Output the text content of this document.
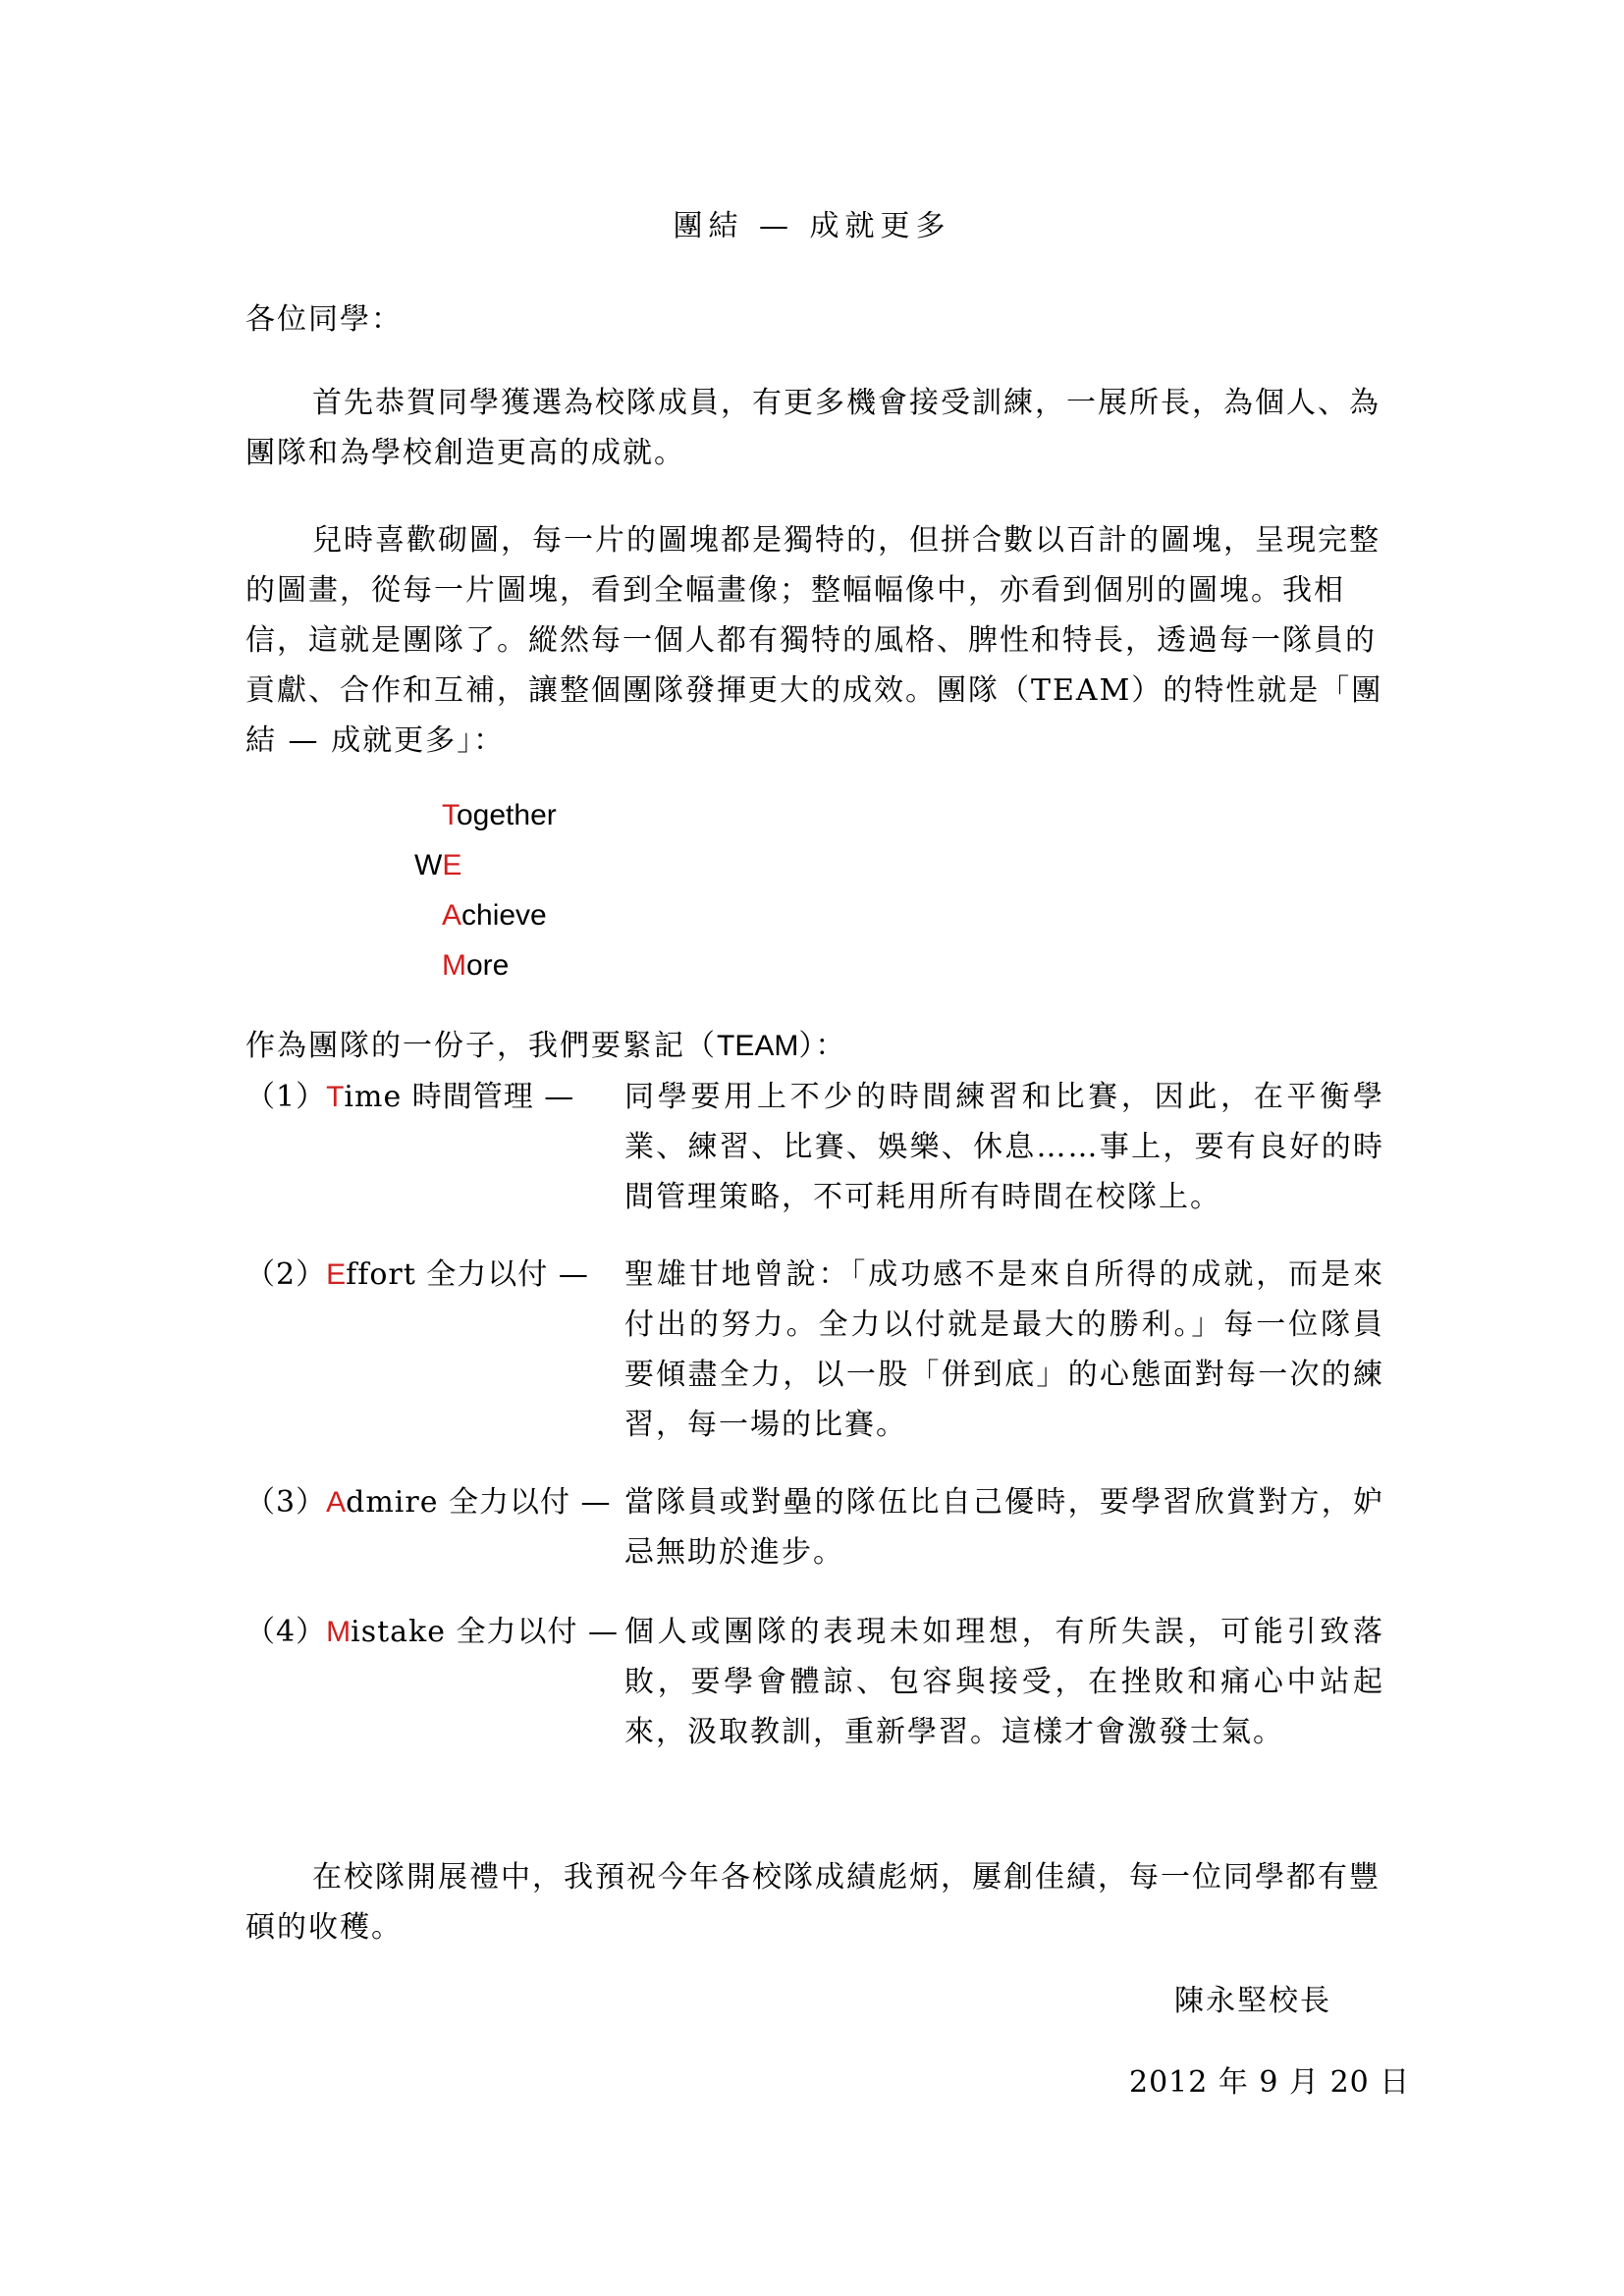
團結 — 成就更多
各位同學：
首先恭賀同學獲選為校隊成員，有更多機會接受訓練，一展所長，為個人、為團隊和為學校創造更高的成就。
兒時喜歡砌圖，每一片的圖塊都是獨特的，但拼合數以百計的圖塊，呈現完整的圖畫，從每一片圖塊，看到全幅畫像；整幅幅像中，亦看到個別的圖塊。我相信，這就是團隊了。縱然每一個人都有獨特的風格、脾性和特長，透過每一隊員的貢獻、合作和互補，讓整個團隊發揮更大的成效。團隊（TEAM）的特性就是「團結 — 成就更多」：
Together
WE
Achieve
More
作為團隊的一份子，我們要緊記（TEAM）：
（1）Time 時間管理 — 同學要用上不少的時間練習和比賽，因此，在平衡學業、練習、比賽、娛樂、休息……事上，要有良好的時間管理策略，不可耗用所有時間在校隊上。
（2）Effort 全力以付 — 聖雄甘地曾說：「成功感不是來自所得的成就，而是來付出的努力。全力以付就是最大的勝利。」每一位隊員要傾盡全力，以一股「併到底」的心態面對每一次的練習，每一場的比賽。
（3）Admire 全力以付 — 當隊員或對壘的隊伍比自己優時，要學習欣賞對方，妒忌無助於進步。
（4）Mistake 全力以付 — 個人或團隊的表現未如理想，有所失誤，可能引致落敗，要學會體諒、包容與接受，在挫敗和痛心中站起來，汲取教訓，重新學習。這樣才會激發士氣。
在校隊開展禮中，我預祝今年各校隊成績彪炳，屢創佳績，每一位同學都有豐碩的收穫。
陳永堅校長
2012 年 9 月 20 日
